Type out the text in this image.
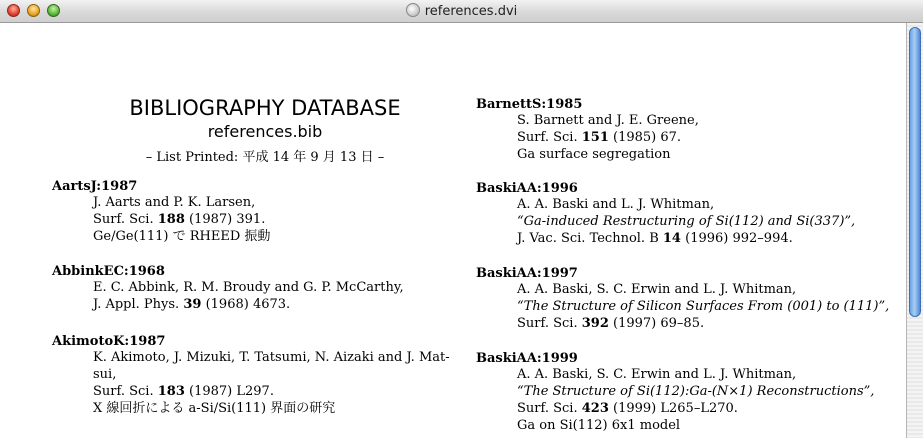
references.dvi
BIBLIOGRAPHY DATABASE
references.bib
– List Printed: 平成 14 年 9 月 13 日 –
AartsJ:1987
J. Aarts and P. K. Larsen,
Surf. Sci. 188 (1987) 391.
Ge/Ge(111) で RHEED 振動
AbbinkEC:1968
E. C. Abbink, R. M. Broudy and G. P. McCarthy,
J. Appl. Phys. 39 (1968) 4673.
AkimotoK:1987
K. Akimoto, J. Mizuki, T. Tatsumi, N. Aizaki and J. Mat-
sui,
Surf. Sci. 183 (1987) L297.
X 線回折による a-Si/Si(111) 界面の研究
BarnettS:1985
S. Barnett and J. E. Greene,
Surf. Sci. 151 (1985) 67.
Ga surface segregation
BaskiAA:1996
A. A. Baski and L. J. Whitman,
“Ga-induced Restructuring of Si(112) and Si(337)”,
J. Vac. Sci. Technol. B 14 (1996) 992–994.
BaskiAA:1997
A. A. Baski, S. C. Erwin and L. J. Whitman,
“The Structure of Silicon Surfaces From (001) to (111)”,
Surf. Sci. 392 (1997) 69–85.
BaskiAA:1999
A. A. Baski, S. C. Erwin and L. J. Whitman,
“The Structure of Si(112):Ga-(N×1) Reconstructions”,
Surf. Sci. 423 (1999) L265–L270.
Ga on Si(112) 6x1 model
